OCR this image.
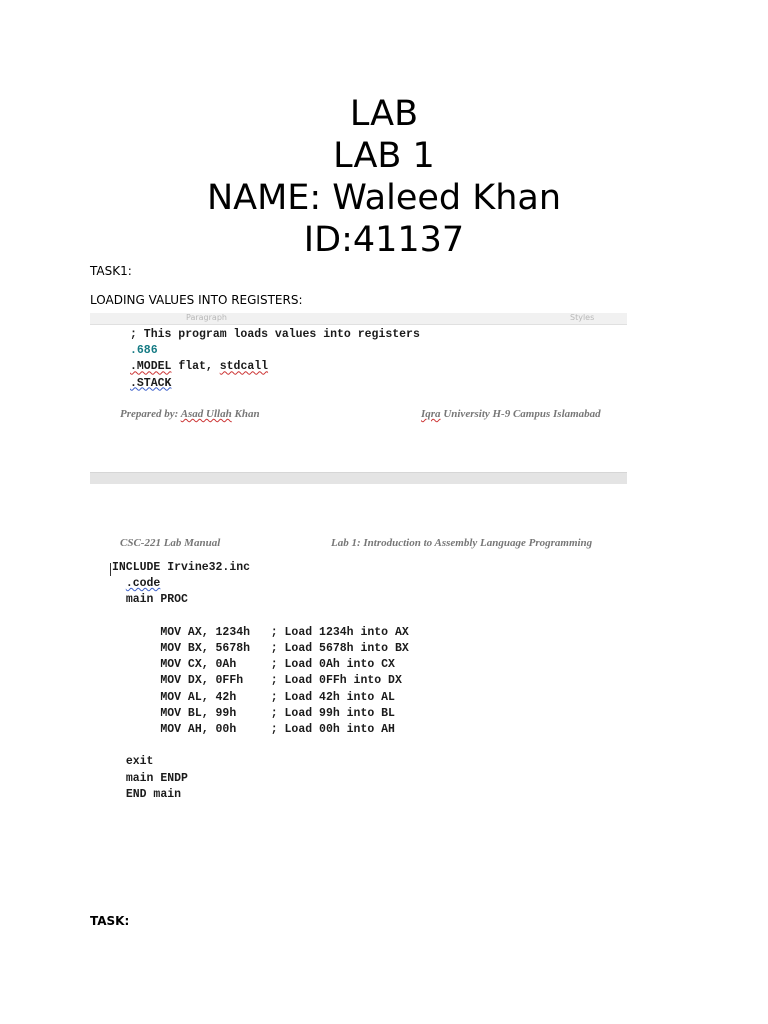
LAB
LAB 1
NAME: Waleed Khan
ID:41137
TASK1:
LOADING VALUES INTO REGISTERS:
Paragraph	Styles
; This program loads values into registers
.686
.MODEL flat, stdcall
.STACK
Prepared by: Asad Ullah Khan	Iqra University H-9 Campus Islamabad
CSC-221 Lab Manual	Lab 1: Introduction to Assembly Language Programming
INCLUDE Irvine32.inc
.code
main PROC

MOV AX, 1234h   ; Load 1234h into AX
MOV BX, 5678h   ; Load 5678h into BX
MOV CX, 0Ah     ; Load 0Ah into CX
MOV DX, 0FFh    ; Load 0FFh into DX
MOV AL, 42h     ; Load 42h into AL
MOV BL, 99h     ; Load 99h into BL
MOV AH, 00h     ; Load 00h into AH

exit
main ENDP
END main
TASK:
